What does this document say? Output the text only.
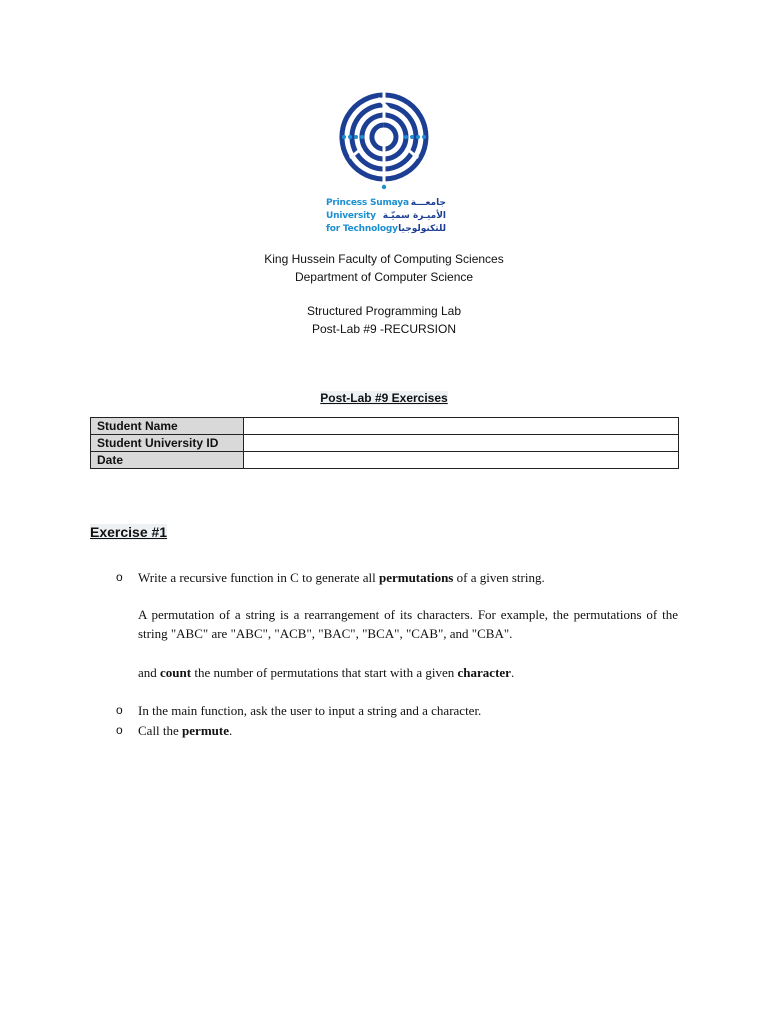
Princess Sumaya جامعـــة
University الأميـرة سميّـة
for Technology للتكنولوجيا
King Hussein Faculty of Computing Sciences
Department of Computer Science
Structured Programming Lab
Post-Lab #9 -RECURSION
Post-Lab #9 Exercises
Student Name	
Student University ID	
Date	
Exercise #1
o Write a recursive function in C to generate all permutations of a given string.
A permutation of a string is a rearrangement of its characters. For example, the permutations of the string "ABC" are "ABC", "ACB", "BAC", "BCA", "CAB", and "CBA".
and count the number of permutations that start with a given character.
o In the main function, ask the user to input a string and a character.
o Call the permute.
